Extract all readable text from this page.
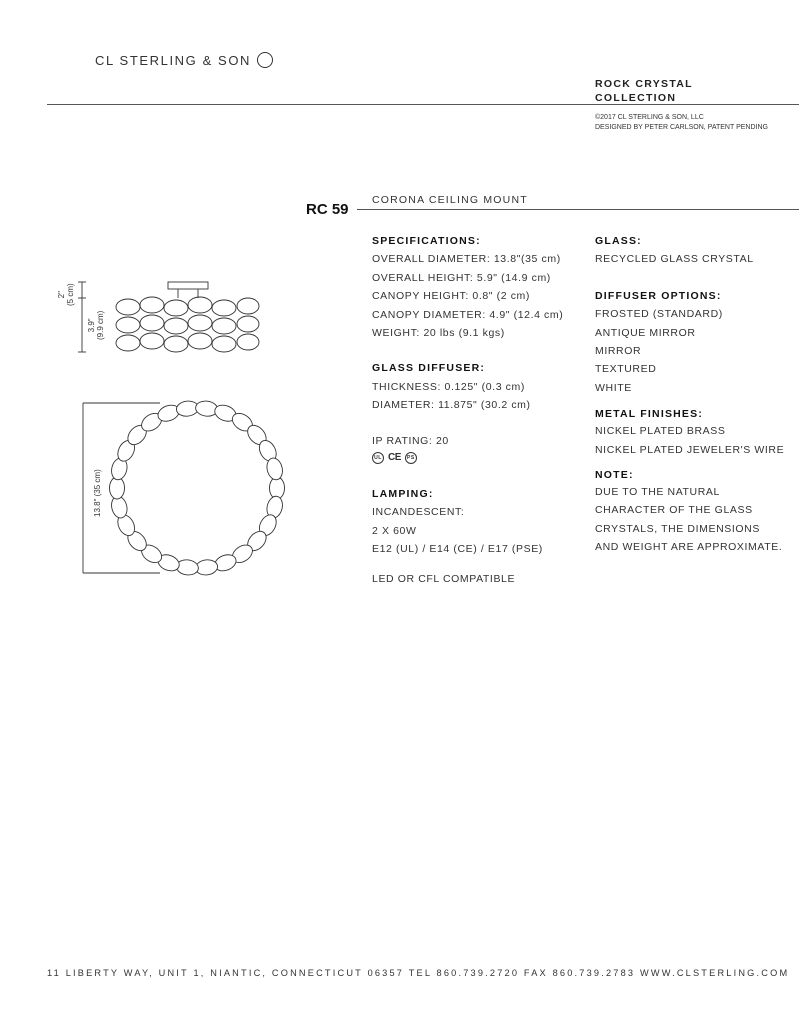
CL STERLING & SON
ROCK CRYSTAL
COLLECTION
©2017 CL STERLING & SON, LLC
DESIGNED BY PETER CARLSON, PATENT PENDING
RC 59
CORONA CEILING MOUNT
2" (5 cm)
3.9" (9.9 cm)
13.8" (35 cm)
SPECIFICATIONS:
OVERALL DIAMETER: 13.8"(35 cm)
OVERALL HEIGHT: 5.9" (14.9 cm)
CANOPY HEIGHT: 0.8" (2 cm)
CANOPY DIAMETER: 4.9" (12.4 cm)
WEIGHT: 20 lbs (9.1 kgs)
GLASS DIFFUSER:
THICKNESS: 0.125" (0.3 cm)
DIAMETER: 11.875" (30.2 cm)
IP RATING: 20
UL CE	PS
LAMPING:
INCANDESCENT:
2 X 60W
E12 (UL) / E14 (CE) / E17 (PSE)
LED OR CFL COMPATIBLE
GLASS:
RECYCLED GLASS CRYSTAL
DIFFUSER OPTIONS:
FROSTED (STANDARD)
ANTIQUE MIRROR
MIRROR
TEXTURED
WHITE
METAL FINISHES:
NICKEL PLATED BRASS
NICKEL PLATED JEWELER'S WIRE
NOTE:
DUE TO THE NATURAL
CHARACTER OF THE GLASS
CRYSTALS, THE DIMENSIONS
AND WEIGHT ARE APPROXIMATE.
11 LIBERTY WAY, UNIT 1, NIANTIC, CONNECTICUT 06357 TEL 860.739.2720 FAX 860.739.2783 WWW.CLSTERLING.COM
